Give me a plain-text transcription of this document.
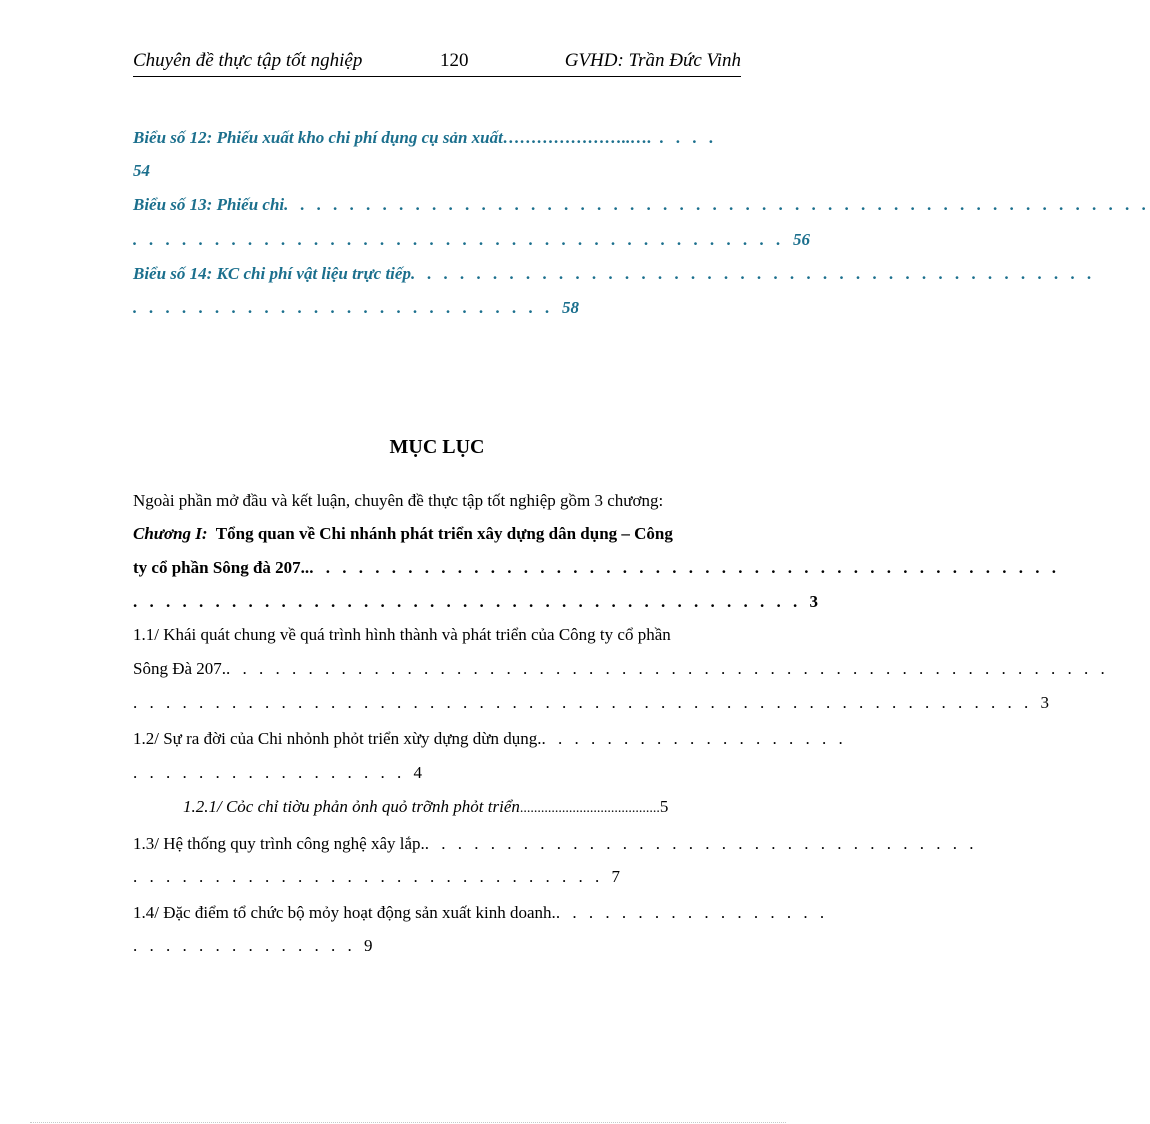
Chuyên đề thực tập tốt nghiệp	120	GVHD: Trần Đức Vinh
Biểu số 12: Phiếu xuất kho chi phí dụng cụ sản xuất…………………..…. . . . .
54
Biểu số 13: Phiếu chi. . . . . . . . . . . . . . . . . . . . . . . . . . . . . . . . . . . . . . . . . . . . . . . . . . . . .
. . . . . . . . . . . . . . . . . . . . . . . . . . . . . . . . . . . . . . . . 56
Biểu số 14: KC chi phí vật liệu trực tiếp. . . . . . . . . . . . . . . . . . . . . . . . . . . . . . . . . . . . . . . . . .
. . . . . . . . . . . . . . . . . . . . . . . . . . 58
MỤC LỤC
Ngoài phần mở đầu và kết luận, chuyên đề thực tập tốt nghiệp gồm 3 chương:
Chương I: Tổng quan về Chi nhánh phát triển xây dựng dân dụng – Công
ty cổ phần Sông đà 207... . . . . . . . . . . . . . . . . . . . . . . . . . . . . . . . . . . . . . . . . . . . . .
. . . . . . . . . . . . . . . . . . . . . . . . . . . . . . . . . . . . . . . . . 3
1.1/ Khái quát chung về quá trình hình thành và phát triển của Công ty cổ phần
Sông Đà 207.. . . . . . . . . . . . . . . . . . . . . . . . . . . . . . . . . . . . . . . . . . . . . . . . . . . . . .
. . . . . . . . . . . . . . . . . . . . . . . . . . . . . . . . . . . . . . . . . . . . . . . . . . . . . . . 3
1.2/ Sự ra đời của Chi nhỏnh phỏt triển xừy dựng dừn dụng.. . . . . . . . . . . . . . . . . . .
. . . . . . . . . . . . . . . . . 4
1.2.1/ Cỏc chỉ tiờu phản ỏnh quỏ trỡnh phỏt triển........................................5
1.3/ Hệ thống quy trình công nghệ xây lắp.. . . . . . . . . . . . . . . . . . . . . . . . . . . . . . . . . .
. . . . . . . . . . . . . . . . . . . . . . . . . . . . . 7
1.4/ Đặc điểm tổ chức bộ mỏy hoạt động sản xuất kinh doanh.. . . . . . . . . . . . . . . . .
. . . . . . . . . . . . . . 9
